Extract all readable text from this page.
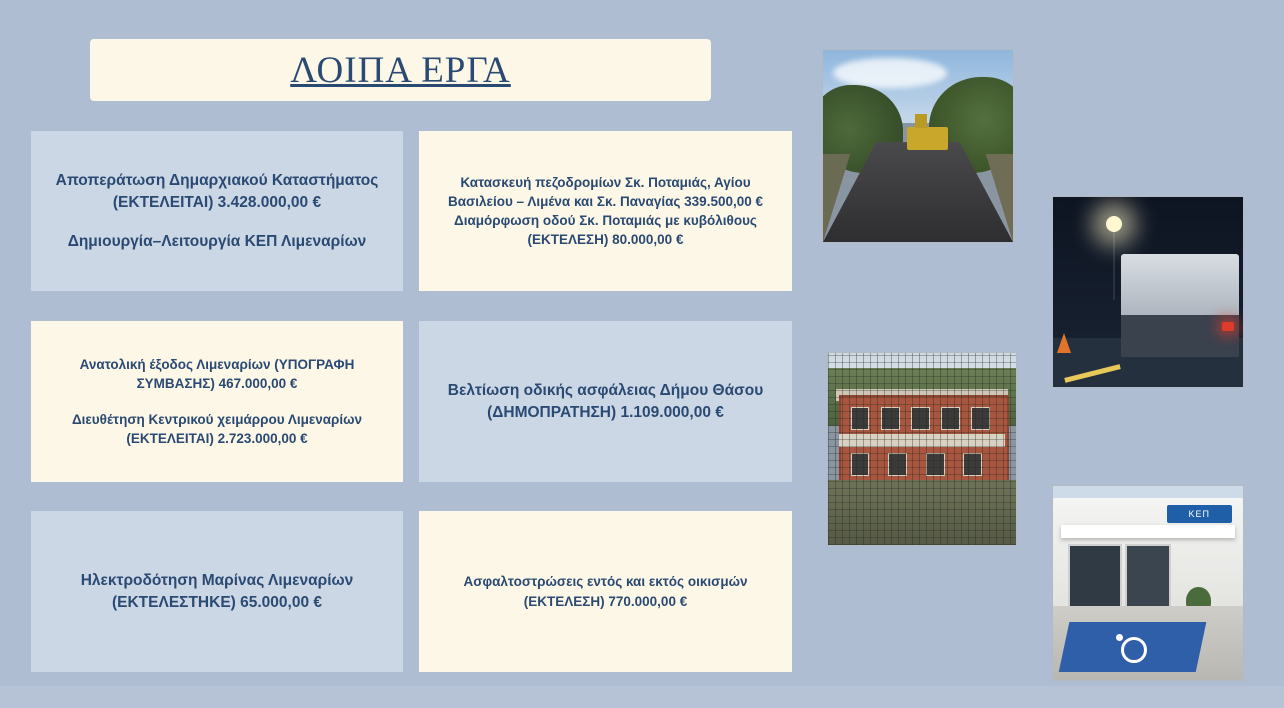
ΛΟΙΠΑ ΕΡΓΑ

Αποπεράτωση Δημαρχιακού Καταστήματος (ΕΚΤΕΛΕΙΤΑΙ) 3.428.000,00 €

Δημιουργία–Λειτουργία ΚΕΠ Λιμεναρίων

Κατασκευή πεζοδρομίων Σκ. Ποταμιάς, Αγίου Βασιλείου – Λιμένα και Σκ. Παναγίας 339.500,00 € Διαμόρφωση οδού Σκ. Ποταμιάς με κυβόλιθους (ΕΚΤΕΛΕΣΗ) 80.000,00 €

Ανατολική έξοδος Λιμεναρίων (ΥΠΟΓΡΑΦΗ ΣΥΜΒΑΣΗΣ) 467.000,00 €

Διευθέτηση Κεντρικού χειμάρρου Λιμεναρίων (ΕΚΤΕΛΕΙΤΑΙ) 2.723.000,00 €

Βελτίωση οδικής ασφάλειας Δήμου Θάσου (ΔΗΜΟΠΡΑΤΗΣΗ) 1.109.000,00 €

Ηλεκτροδότηση Μαρίνας Λιμεναρίων (ΕΚΤΕΛΕΣΤΗΚΕ) 65.000,00 €

Ασφαλτοστρώσεις εντός και εκτός οικισμών (ΕΚΤΕΛΕΣΗ) 770.000,00 €

ΚΕΠ
